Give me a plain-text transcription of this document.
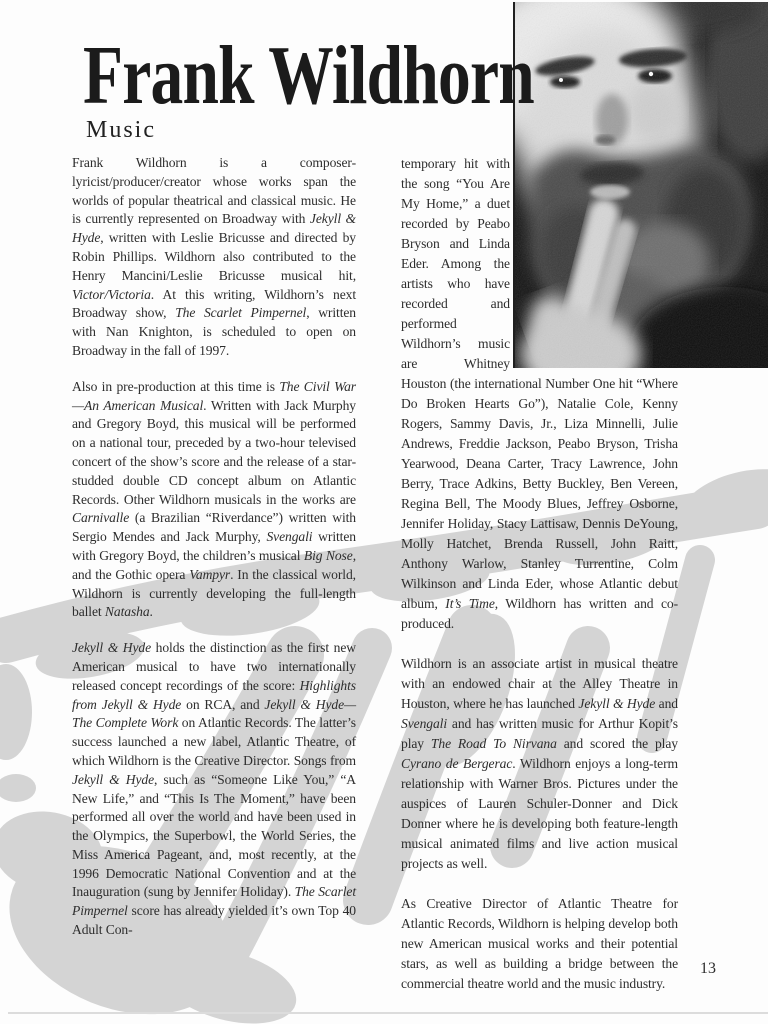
Frank Wildhorn
Music

Frank Wildhorn is a composer-lyricist/producer/creator whose works span the worlds of popular theatrical and classical music. He is currently represented on Broadway with Jekyll & Hyde, written with Leslie Bricusse and directed by Robin Phillips. Wildhorn also contributed to the Henry Mancini/Leslie Bricusse musical hit, Victor/Victoria. At this writing, Wildhorn’s next Broadway show, The Scarlet Pimpernel, written with Nan Knighton, is scheduled to open on Broadway in the fall of 1997.

Also in pre-production at this time is The Civil War—An American Musical. Written with Jack Murphy and Gregory Boyd, this musical will be performed on a national tour, preceded by a two-hour televised concert of the show’s score and the release of a star-studded double CD concept album on Atlantic Records. Other Wildhorn musicals in the works are Carnivalle (a Brazilian “Riverdance”) written with Sergio Mendes and Jack Murphy, Svengali written with Gregory Boyd, the children’s musical Big Nose, and the Gothic opera Vampyr. In the classical world, Wildhorn is currently developing the full-length ballet Natasha.

Jekyll & Hyde holds the distinction as the first new American musical to have two internationally released concept recordings of the score: Highlights from Jekyll & Hyde on RCA, and Jekyll & Hyde—The Complete Work on Atlantic Records. The latter’s success launched a new label, Atlantic Theatre, of which Wildhorn is the Creative Director. Songs from Jekyll & Hyde, such as “Someone Like You,” “A New Life,” and “This Is The Moment,” have been performed all over the world and have been used in the Olympics, the Superbowl, the World Series, the Miss America Pageant, and, most recently, at the 1996 Democratic National Convention and at the Inauguration (sung by Jennifer Holiday). The Scarlet Pimpernel score has already yielded it’s own Top 40 Adult Con-

temporary hit with the song “You Are My Home,” a duet recorded by Peabo Bryson and Linda Eder. Among the artists who have recorded and performed Wildhorn’s music are Whitney Houston (the international Number One hit “Where Do Broken Hearts Go”), Natalie Cole, Kenny Rogers, Sammy Davis, Jr., Liza Minnelli, Julie Andrews, Freddie Jackson, Peabo Bryson, Trisha Yearwood, Deana Carter, Tracy Lawrence, John Berry, Trace Adkins, Betty Buckley, Ben Vereen, Regina Bell, The Moody Blues, Jeffrey Osborne, Jennifer Holiday, Stacy Lattisaw, Dennis DeYoung, Molly Hatchet, Brenda Russell, John Raitt, Anthony Warlow, Stanley Turrentine, Colm Wilkinson and Linda Eder, whose Atlantic debut album, It’s Time, Wildhorn has written and co-produced.

Wildhorn is an associate artist in musical theatre with an endowed chair at the Alley Theatre in Houston, where he has launched Jekyll & Hyde and Svengali and has written music for Arthur Kopit’s play The Road To Nirvana and scored the play Cyrano de Bergerac. Wildhorn enjoys a long-term relationship with Warner Bros. Pictures under the auspices of Lauren Schuler-Donner and Dick Donner where he is developing both feature-length musical animated films and live action musical projects as well.

As Creative Director of Atlantic Theatre for Atlantic Records, Wildhorn is helping develop both new American musical works and their potential stars, as well as building a bridge between the commercial theatre world and the music industry.

13
